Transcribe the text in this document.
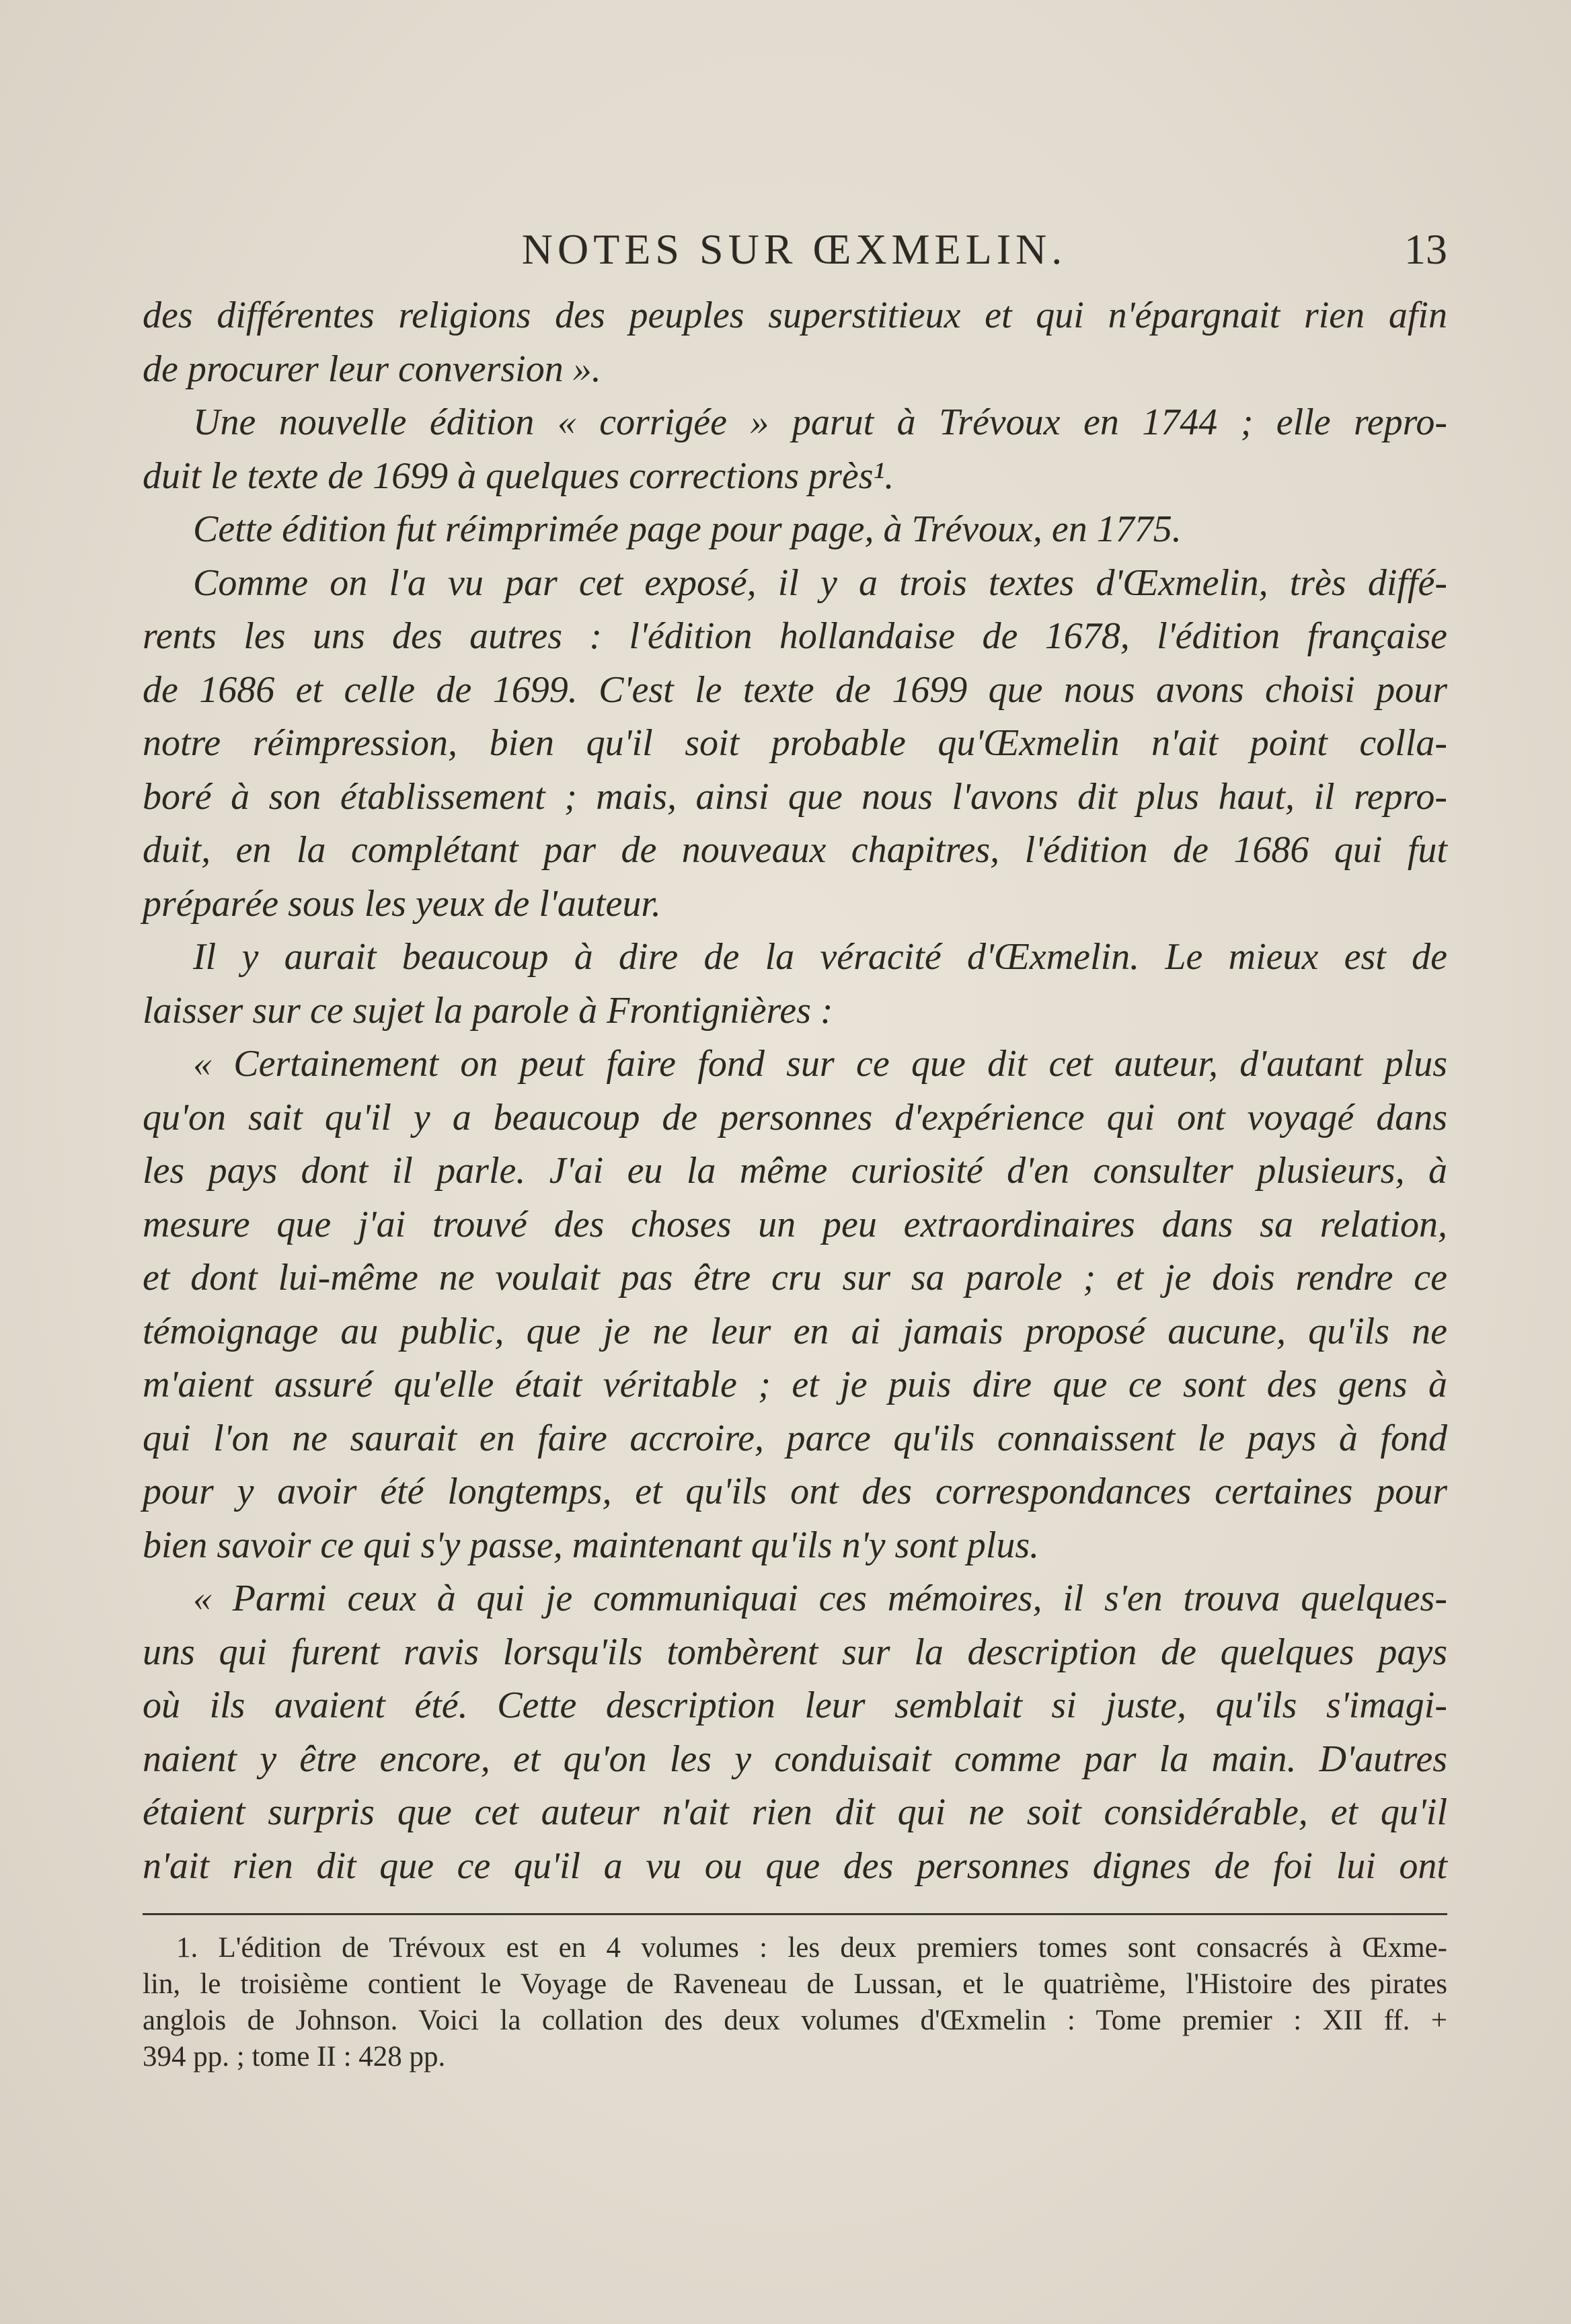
NOTES SUR ŒXMELIN.	13
des différentes religions des peuples superstitieux et qui n'épargnait rien afin
de procurer leur conversion ».
Une nouvelle édition « corrigée » parut à Trévoux en 1744 ; elle repro-
duit le texte de 1699 à quelques corrections près¹.
Cette édition fut réimprimée page pour page, à Trévoux, en 1775.
Comme on l'a vu par cet exposé, il y a trois textes d'Œxmelin, très diffé-
rents les uns des autres : l'édition hollandaise de 1678, l'édition française
de 1686 et celle de 1699. C'est le texte de 1699 que nous avons choisi pour
notre réimpression, bien qu'il soit probable qu'Œxmelin n'ait point colla-
boré à son établissement ; mais, ainsi que nous l'avons dit plus haut, il repro-
duit, en la complétant par de nouveaux chapitres, l'édition de 1686 qui fut
préparée sous les yeux de l'auteur.
Il y aurait beaucoup à dire de la véracité d'Œxmelin. Le mieux est de
laisser sur ce sujet la parole à Frontignières :
« Certainement on peut faire fond sur ce que dit cet auteur, d'autant plus
qu'on sait qu'il y a beaucoup de personnes d'expérience qui ont voyagé dans
les pays dont il parle. J'ai eu la même curiosité d'en consulter plusieurs, à
mesure que j'ai trouvé des choses un peu extraordinaires dans sa relation,
et dont lui-même ne voulait pas être cru sur sa parole ; et je dois rendre ce
témoignage au public, que je ne leur en ai jamais proposé aucune, qu'ils ne
m'aient assuré qu'elle était véritable ; et je puis dire que ce sont des gens à
qui l'on ne saurait en faire accroire, parce qu'ils connaissent le pays à fond
pour y avoir été longtemps, et qu'ils ont des correspondances certaines pour
bien savoir ce qui s'y passe, maintenant qu'ils n'y sont plus.
« Parmi ceux à qui je communiquai ces mémoires, il s'en trouva quelques-
uns qui furent ravis lorsqu'ils tombèrent sur la description de quelques pays
où ils avaient été. Cette description leur semblait si juste, qu'ils s'imagi-
naient y être encore, et qu'on les y conduisait comme par la main. D'autres
étaient surpris que cet auteur n'ait rien dit qui ne soit considérable, et qu'il
n'ait rien dit que ce qu'il a vu ou que des personnes dignes de foi lui ont
1. L'édition de Trévoux est en 4 volumes : les deux premiers tomes sont consacrés à Œxme-
lin, le troisième contient le Voyage de Raveneau de Lussan, et le quatrième, l'Histoire des pirates
anglois de Johnson. Voici la collation des deux volumes d'Œxmelin : Tome premier : XII ff. +
394 pp. ; tome II : 428 pp.
